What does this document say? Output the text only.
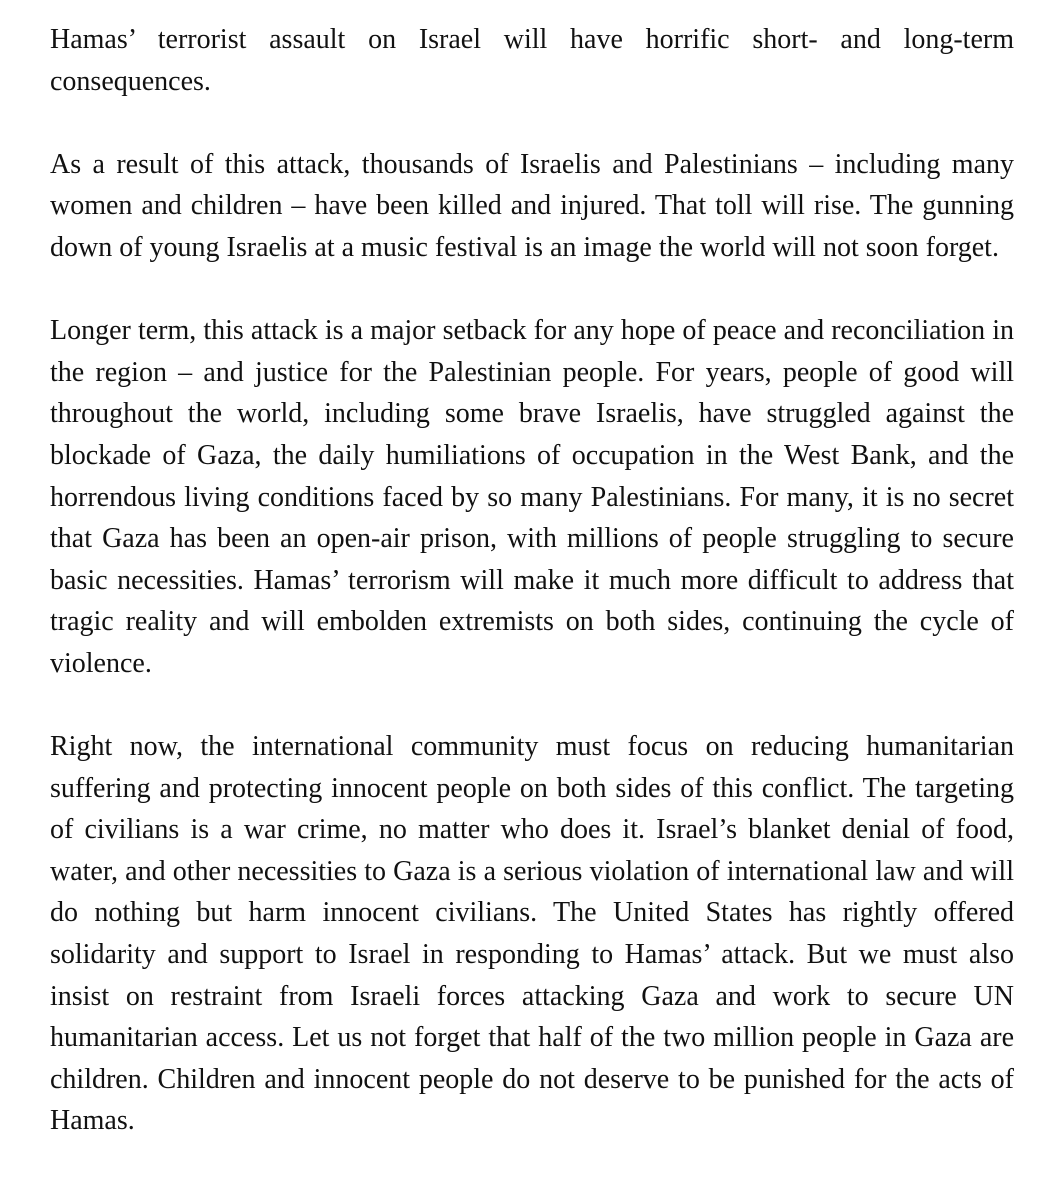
Hamas’ terrorist assault on Israel will have horrific short- and long-term consequences.

As a result of this attack, thousands of Israelis and Palestinians – including many women and children – have been killed and injured. That toll will rise. The gunning down of young Israelis at a music festival is an image the world will not soon forget.

Longer term, this attack is a major setback for any hope of peace and reconciliation in the region – and justice for the Palestinian people. For years, people of good will throughout the world, including some brave Israelis, have struggled against the blockade of Gaza, the daily humiliations of occupation in the West Bank, and the horrendous living conditions faced by so many Palestinians. For many, it is no secret that Gaza has been an open-air prison, with millions of people struggling to secure basic necessities. Hamas’ terrorism will make it much more difficult to address that tragic reality and will embolden extremists on both sides, continuing the cycle of violence.

Right now, the international community must focus on reducing humanitarian suffering and protecting innocent people on both sides of this conflict. The targeting of civilians is a war crime, no matter who does it. Israel’s blanket denial of food, water, and other necessities to Gaza is a serious violation of international law and will do nothing but harm innocent civilians. The United States has rightly offered solidarity and support to Israel in responding to Hamas’ attack. But we must also insist on restraint from Israeli forces attacking Gaza and work to secure UN humanitarian access. Let us not forget that half of the two million people in Gaza are children. Children and innocent people do not deserve to be punished for the acts of Hamas.
